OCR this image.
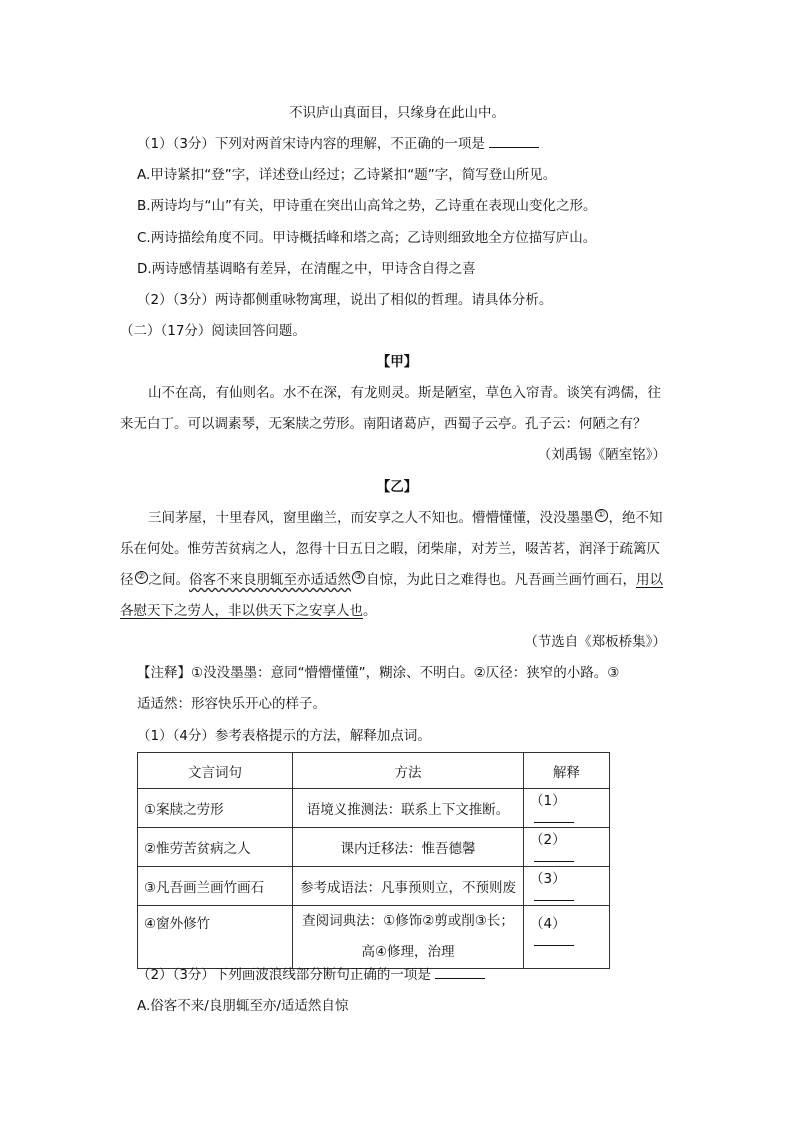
不识庐山真面目，只缘身在此山中。
（1）（3分）下列对两首宋诗内容的理解，不正确的一项是
A.甲诗紧扣“登”字，详述登山经过；乙诗紧扣“题”字，简写登山所见。
B.两诗均与“山”有关，甲诗重在突出山高耸之势，乙诗重在表现山变化之形。
C.两诗描绘角度不同。甲诗概括峰和塔之高；乙诗则细致地全方位描写庐山。
D.两诗感情基调略有差异，在清醒之中，甲诗含自得之喜
（2）（3分）两诗都侧重咏物寓理，说出了相似的哲理。请具体分析。
（二）（17分）阅读回答问题。
【甲】
山不在高，有仙则名。水不在深，有龙则灵。斯是陋室，草色入帘青。谈笑有鸿儒，往
来无白丁。可以调素琴，无案牍之劳形。南阳诸葛庐，西蜀子云亭。孔子云：何陋之有？
（刘禹锡《陋室铭》）
【乙】
三间茅屋，十里春风，窗里幽兰，而安享之人不知也。懵懵懂懂，没没墨墨 ① ，绝不知
乐在何处。惟劳苦贫病之人，忽得十日五日之暇，闭柴扉，对芳兰，啜苦茗，润泽于疏篱仄
径 ② 之间。俗客不来良朋辄至亦适适然 ③ 自惊，为此日之难得也。凡吾画兰画竹画石，用以
各慰天下之劳人，非以供天下之安享人也。
（节选自《郑板桥集》）
【注释】①没没墨墨：意同“懵懵懂懂”，糊涂、不明白。②仄径：狭窄的小路。③
适适然：形容快乐开心的样子。
（1）（4分）参考表格提示的方法，解释加点词。
文言词句	方法	解释
①案牍之劳形	语境义推测法：联系上下文推断。	（1）
②惟劳苦贫病之人	课内迁移法：惟吾德馨	（2）
③凡吾画兰画竹画石	参考成语法：凡事预则立，不预则废	（3）
④窗外修竹	查阅词典法：①修饰②剪或削③长；
高④修理，治理	（4）
（2）（3分）下列画波浪线部分断句正确的一项是
A.俗客不来/良朋辄至亦/适适然自惊
